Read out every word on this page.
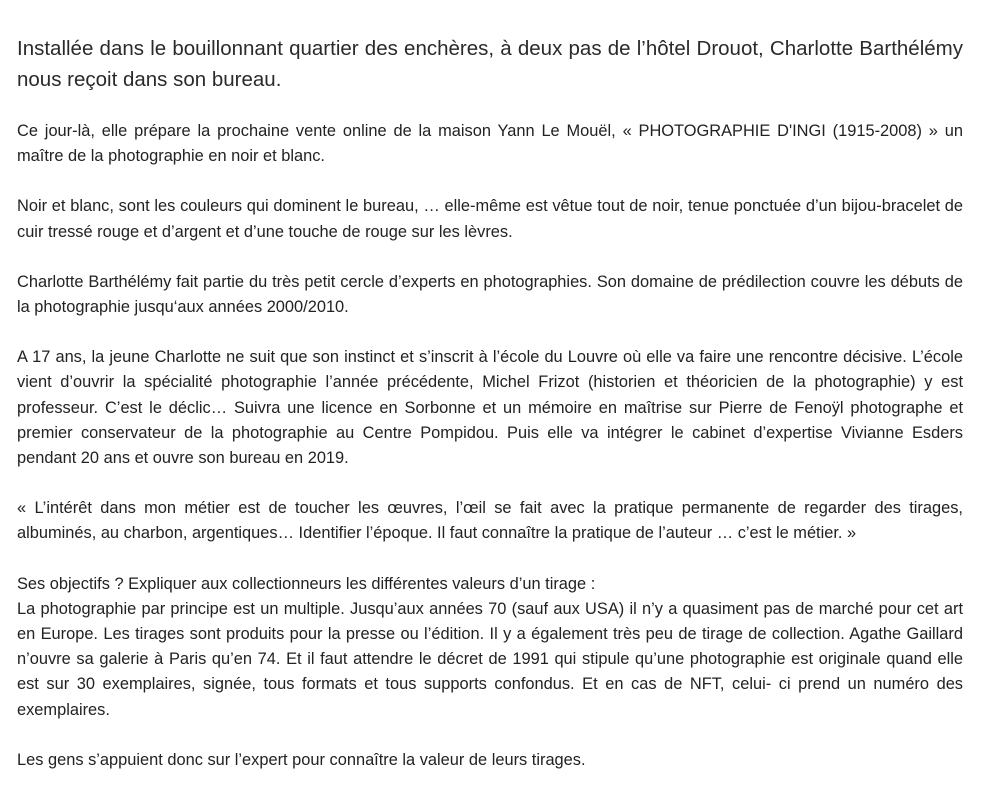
Installée dans le bouillonnant quartier des enchères, à deux pas de l’hôtel Drouot, Charlotte Barthélémy nous reçoit dans son bureau.

Ce jour-là, elle prépare la prochaine vente online de la maison Yann Le Mouël, « PHOTOGRAPHIE D'INGI (1915-2008) » un maître de la photographie en noir et blanc.

Noir et blanc, sont les couleurs qui dominent le bureau, … elle-même est vêtue tout de noir, tenue ponctuée d’un bijou-bracelet de cuir tressé rouge et d’argent et d’une touche de rouge sur les lèvres.

Charlotte Barthélémy fait partie du très petit cercle d’experts en photographies. Son domaine de prédilection couvre les débuts de la photographie jusqu‘aux années 2000/2010.

A 17 ans, la jeune Charlotte ne suit que son instinct et s’inscrit à l’école du Louvre où elle va faire une rencontre décisive. L’école vient d’ouvrir la spécialité photographie l’année précédente, Michel Frizot (historien et théoricien de la photographie) y est professeur. C’est le déclic… Suivra une licence en Sorbonne et un mémoire en maîtrise sur Pierre de Fenoÿl photographe et premier conservateur de la photographie au Centre Pompidou. Puis elle va intégrer le cabinet d’expertise Vivianne Esders pendant 20 ans et ouvre son bureau en 2019.

« L’intérêt dans mon métier est de toucher les œuvres, l’œil se fait avec la pratique permanente de regarder des tirages, albuminés, au charbon, argentiques… Identifier l’époque. Il faut connaître la pratique de l’auteur … c’est le métier. »

Ses objectifs ? Expliquer aux collectionneurs les différentes valeurs d’un tirage :

La photographie par principe est un multiple. Jusqu’aux années 70 (sauf aux USA) il n’y a quasiment pas de marché pour cet art en Europe. Les tirages sont produits pour la presse ou l’édition. Il y a également très peu de tirage de collection. Agathe Gaillard n’ouvre sa galerie à Paris qu’en 74. Et il faut attendre le décret de 1991 qui stipule qu’une photographie est originale quand elle est sur 30 exemplaires, signée, tous formats et tous supports confondus. Et en cas de NFT, celui- ci prend un numéro des exemplaires.

Les gens s’appuient donc sur l’expert pour connaître la valeur de leurs tirages.
